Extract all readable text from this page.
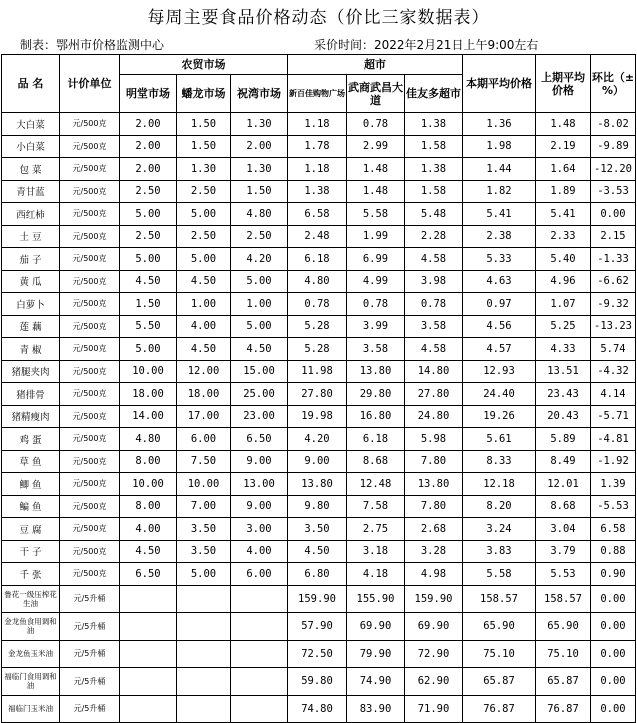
每周主要食品价格动态（价比三家数据表）
制表：鄂州市价格监测中心	采价时间：2022年2月21日上午9:00左右
品 名	计价单位	农贸市场			超市			本期平均价格	上期平均价格	环比（±%）
		明堂市场	蟠龙市场	祝湾市场	新百佳购物广场	武商武昌大道	佳友多超市			
大白菜	元/500克	2.00	1.50	1.30	1.18	0.78	1.38	1.36	1.48	-8.02
小白菜	元/500克	2.00	1.50	2.00	1.78	2.99	1.58	1.98	2.19	-9.89
包 菜	元/500克	2.00	1.30	1.30	1.18	1.48	1.38	1.44	1.64	-12.20
青甘蓝	元/500克	2.50	2.50	1.50	1.38	1.48	1.58	1.82	1.89	-3.53
西红柿	元/500克	5.00	5.00	4.80	6.58	5.58	5.48	5.41	5.41	0.00
土 豆	元/500克	2.50	2.50	2.50	2.48	1.99	2.28	2.38	2.33	2.15
茄 子	元/500克	5.00	5.00	4.20	6.18	6.99	4.58	5.33	5.40	-1.33
黄 瓜	元/500克	4.50	4.50	5.00	4.80	4.99	3.98	4.63	4.96	-6.62
白萝卜	元/500克	1.50	1.00	1.00	0.78	0.78	0.78	0.97	1.07	-9.32
莲 藕	元/500克	5.50	4.00	5.00	5.28	3.99	3.58	4.56	5.25	-13.23
青 椒	元/500克	5.00	4.50	4.50	5.28	3.58	4.58	4.57	4.33	5.74
猪腿夹肉	元/500克	10.00	12.00	15.00	11.98	13.80	14.80	12.93	13.51	-4.32
猪排骨	元/500克	18.00	18.00	25.00	27.80	29.80	27.80	24.40	23.43	4.14
猪精瘦肉	元/500克	14.00	17.00	23.00	19.98	16.80	24.80	19.26	20.43	-5.71
鸡 蛋	元/500克	4.80	6.00	6.50	4.20	6.18	5.98	5.61	5.89	-4.81
草 鱼	元/500克	8.00	7.50	9.00	9.00	8.68	7.80	8.33	8.49	-1.92
鲫 鱼	元/500克	10.00	10.00	13.00	13.80	12.48	13.80	12.18	12.01	1.39
鳊 鱼	元/500克	8.00	7.00	9.00	9.80	7.58	7.80	8.20	8.68	-5.53
豆 腐	元/500克	4.00	3.50	3.00	3.50	2.75	2.68	3.24	3.04	6.58
干 子	元/500克	4.50	3.50	4.00	4.50	3.18	3.28	3.83	3.79	0.88
千 张	元/500克	6.50	5.00	6.00	6.80	4.18	4.98	5.58	5.53	0.90
鲁花一级压榨花生油	元/5升桶				159.90	155.90	159.90	158.57	158.57	0.00
金龙鱼食用调和油	元/5升桶				57.90	69.90	69.90	65.90	65.90	0.00
金龙鱼玉米油	元/5升桶				72.50	79.90	72.90	75.10	75.10	0.00
福临门食用调和油	元/5升桶				59.80	74.90	62.90	65.87	65.87	0.00
福临门玉米油	元/5升桶				74.80	83.90	71.90	76.87	76.87	0.00
